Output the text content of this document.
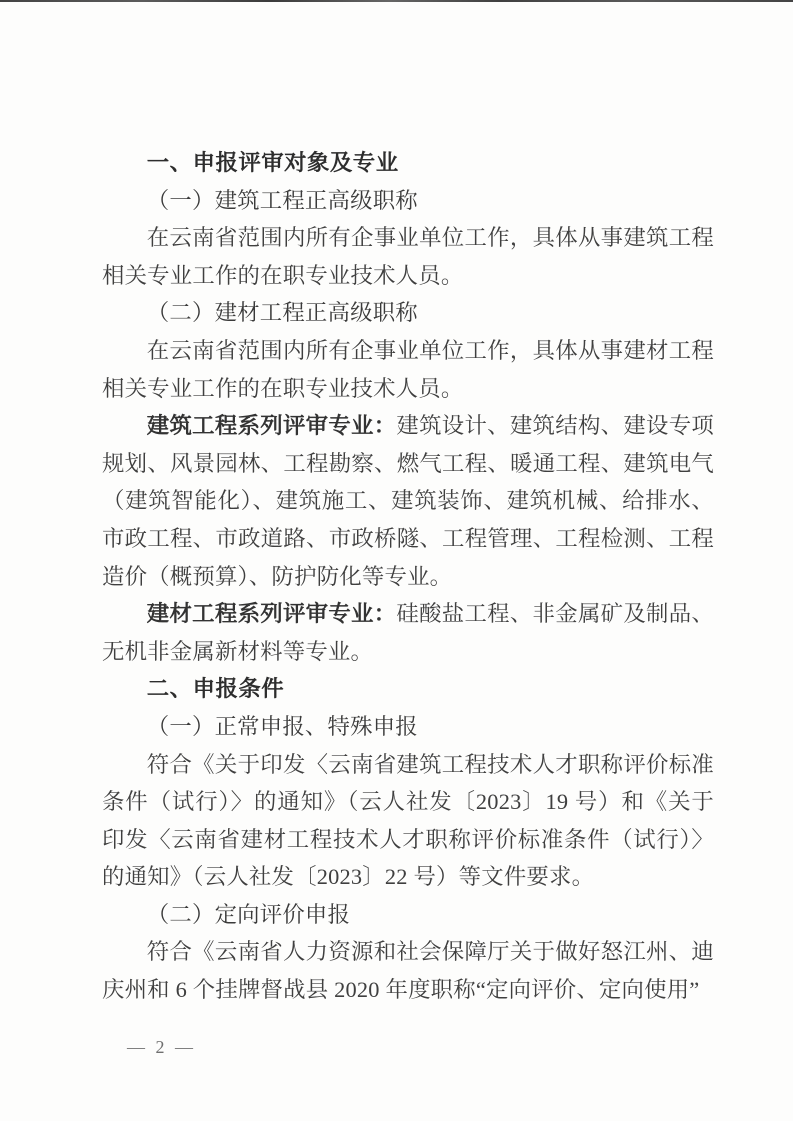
一、申报评审对象及专业

（一）建筑工程正高级职称

在云南省范围内所有企事业单位工作，具体从事建筑工程相关专业工作的在职专业技术人员。

（二）建材工程正高级职称

在云南省范围内所有企事业单位工作，具体从事建材工程相关专业工作的在职专业技术人员。

建筑工程系列评审专业：建筑设计、建筑结构、建设专项规划、风景园林、工程勘察、燃气工程、暖通工程、建筑电气（建筑智能化）、建筑施工、建筑装饰、建筑机械、给排水、市政工程、市政道路、市政桥隧、工程管理、工程检测、工程造价（概预算）、防护防化等专业。

建材工程系列评审专业：硅酸盐工程、非金属矿及制品、无机非金属新材料等专业。

二、申报条件

（一）正常申报、特殊申报

符合《关于印发〈云南省建筑工程技术人才职称评价标准条件（试行）〉的通知》（云人社发〔2023〕19 号）和《关于印发〈云南省建材工程技术人才职称评价标准条件（试行）〉的通知》（云人社发〔2023〕22 号）等文件要求。

（二）定向评价申报

符合《云南省人力资源和社会保障厅关于做好怒江州、迪庆州和 6 个挂牌督战县 2020 年度职称“定向评价、定向使用”

— 2 —
